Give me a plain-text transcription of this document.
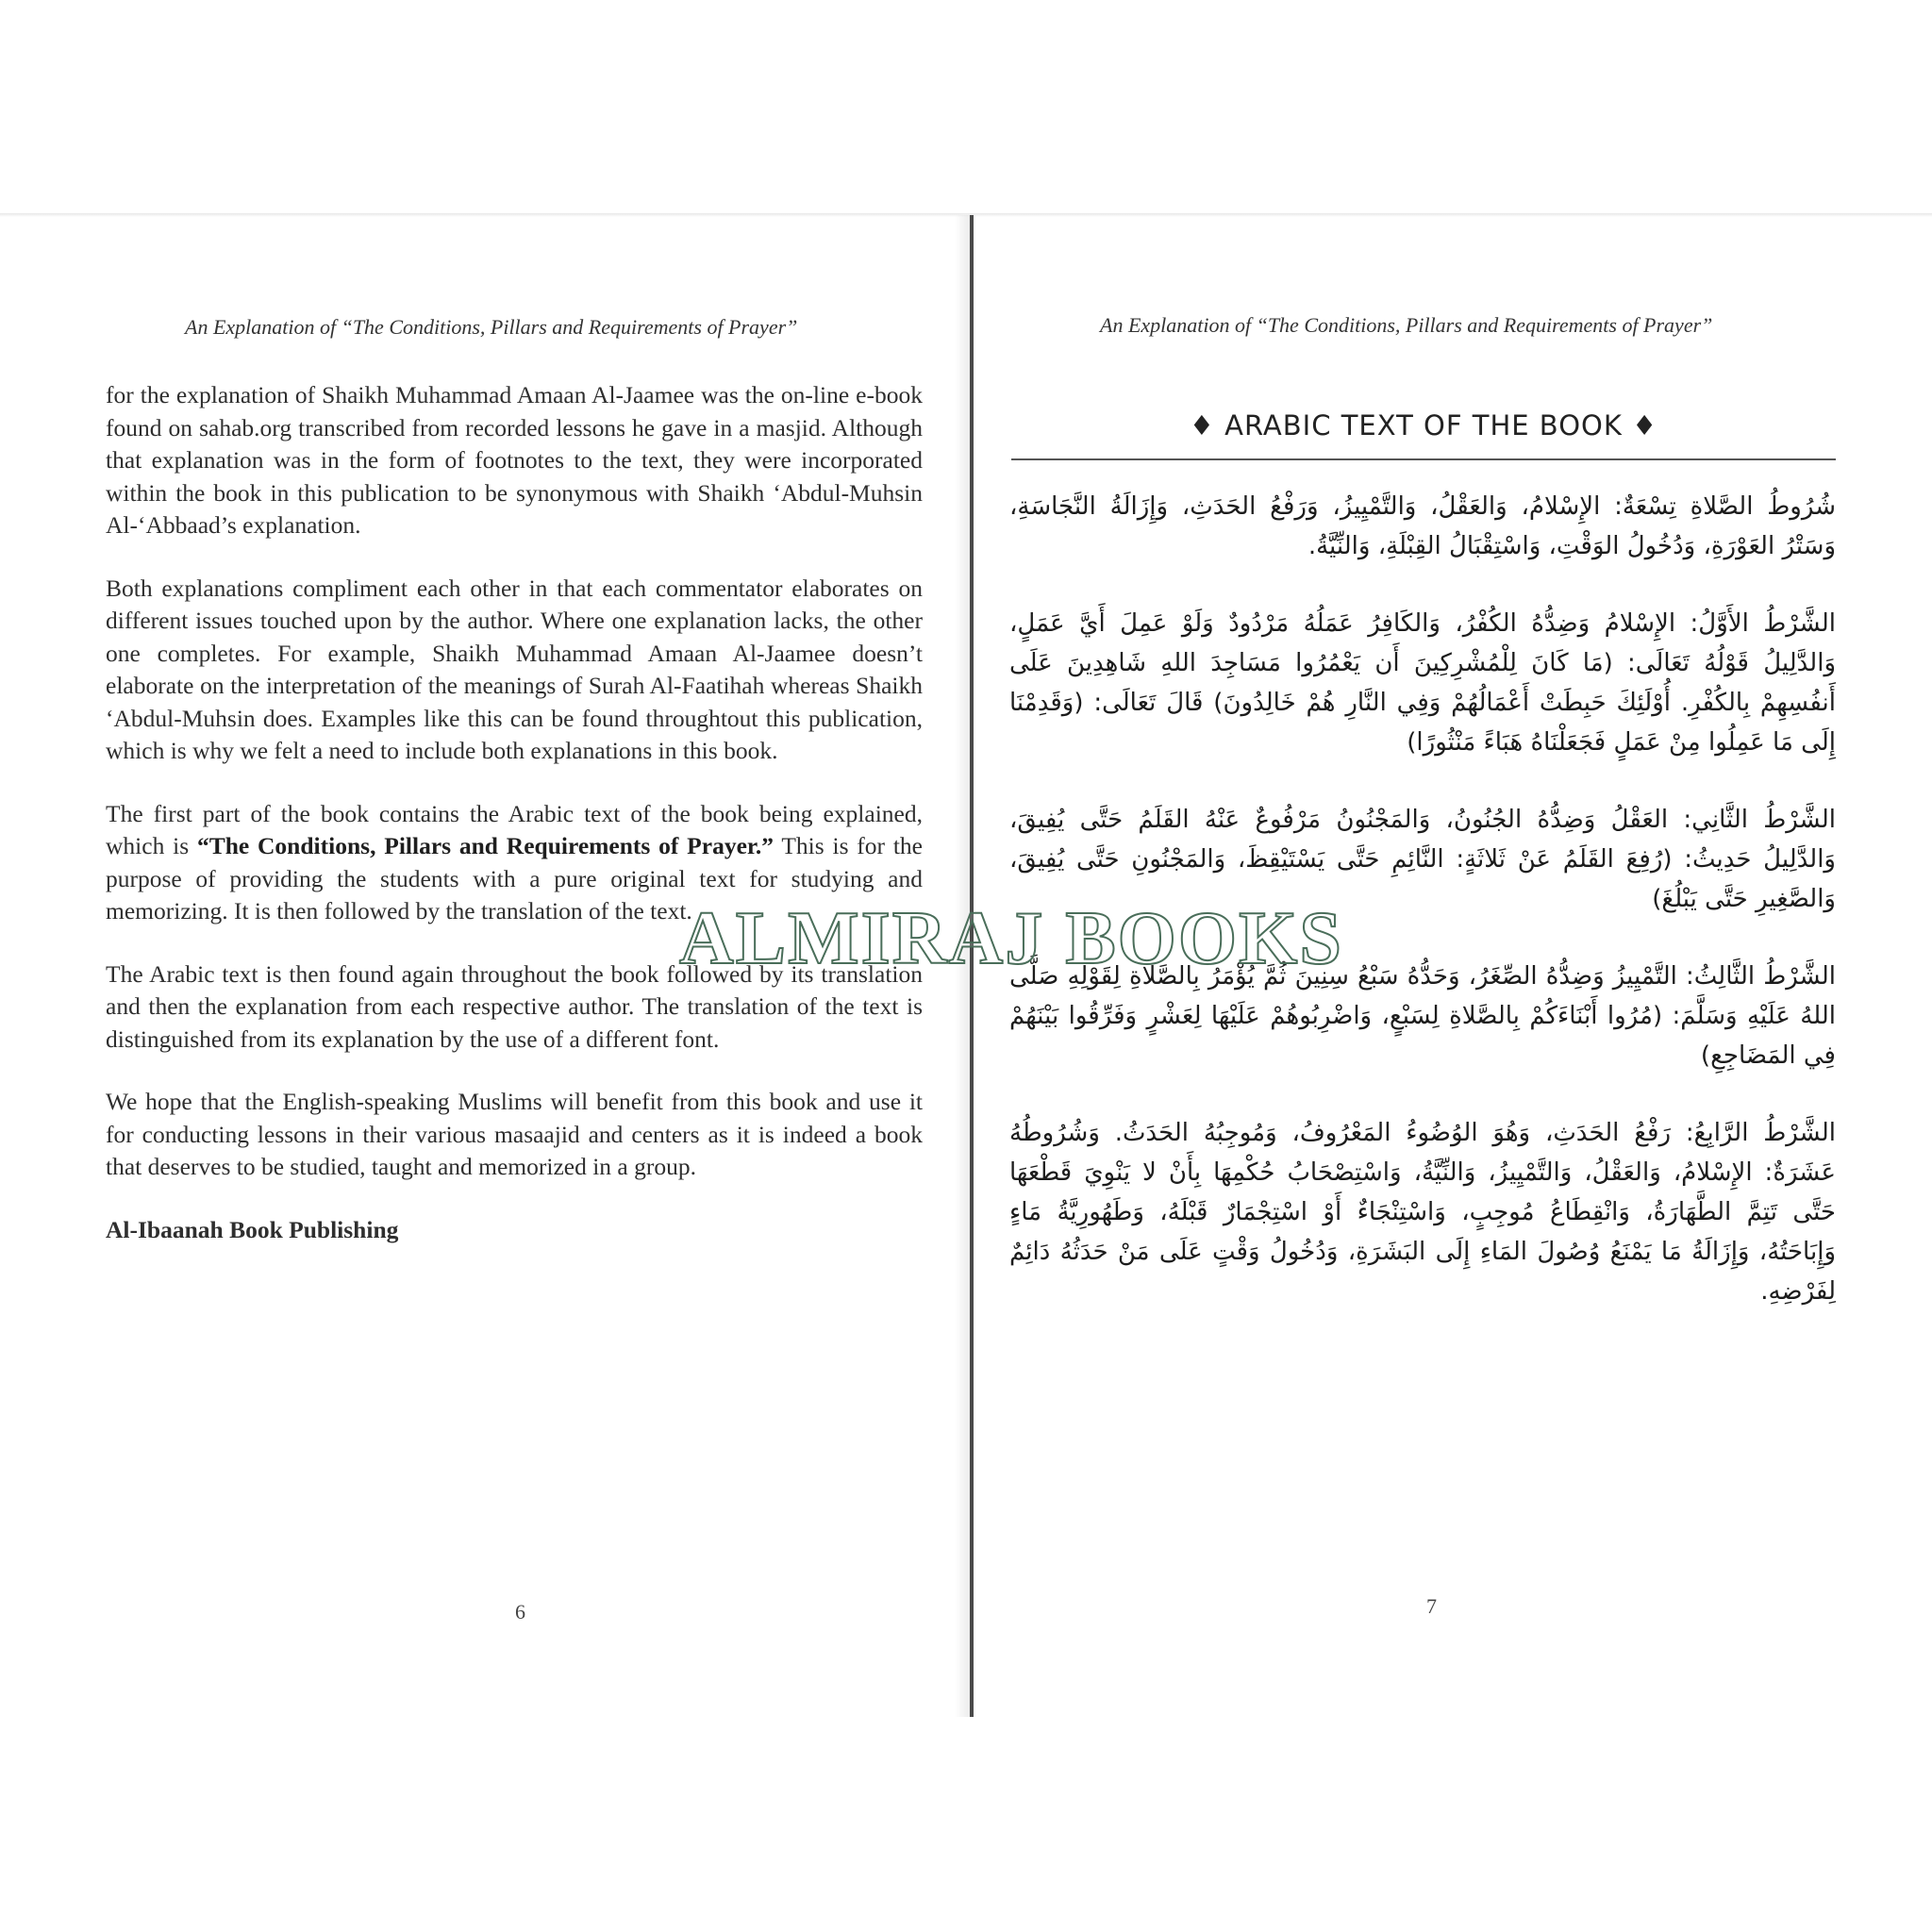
An Explanation of “The Conditions, Pillars and Requirements of Prayer”

for the explanation of Shaikh Muhammad Amaan Al-Jaamee was the on-line e-book found on sahab.org transcribed from recorded lessons he gave in a masjid. Although that explanation was in the form of footnotes to the text, they were incorporated within the book in this publication to be synonymous with Shaikh ‘Abdul-Muhsin Al-‘Abbaad’s explanation.

Both explanations compliment each other in that each commentator elaborates on different issues touched upon by the author. Where one explanation lacks, the other one completes. For example, Shaikh Muhammad Amaan Al-Jaamee doesn’t elaborate on the interpretation of the meanings of Surah Al-Faatihah whereas Shaikh ‘Abdul-Muhsin does. Examples like this can be found throughtout this publication, which is why we felt a need to include both explanations in this book.

The first part of the book contains the Arabic text of the book being explained, which is “The Conditions, Pillars and Requirements of Prayer.” This is for the purpose of providing the students with a pure original text for studying and memorizing. It is then followed by the translation of the text.

The Arabic text is then found again throughout the book followed by its translation and then the explanation from each respective author. The translation of the text is distinguished from its explanation by the use of a different font.

We hope that the English-speaking Muslims will benefit from this book and use it for conducting lessons in their various masaajid and centers as it is indeed a book that deserves to be studied, taught and memorized in a group.

Al-Ibaanah Book Publishing

6
An Explanation of “The Conditions, Pillars and Requirements of Prayer”
♦ ARABIC TEXT OF THE BOOK ♦

شُرُوطُ الصَّلاةِ تِسْعَةٌ: الإِسْلامُ، وَالعَقْلُ، وَالتَّمْيِيزُ، وَرَفْعُ الحَدَثِ، وَإِزَالَةُ النَّجَاسَةِ، وَسَتْرُ العَوْرَةِ، وَدُخُولُ الوَقْتِ، وَاسْتِقْبَالُ القِبْلَةِ، وَالنِّيَّةُ.

الشَّرْطُ الأَوَّلُ: الإِسْلامُ وَضِدُّهُ الكُفْرُ، وَالكَافِرُ عَمَلُهُ مَرْدُودٌ وَلَوْ عَمِلَ أَيَّ عَمَلٍ، وَالدَّلِيلُ قَوْلُهُ تَعَالَى: (مَا كَانَ لِلْمُشْرِكِينَ أَن يَعْمُرُوا مَسَاجِدَ اللهِ شَاهِدِينَ عَلَى أَنفُسِهِمْ بِالكُفْرِ. أُوْلَئِكَ حَبِطَتْ أَعْمَالُهُمْ وَفِي النَّارِ هُمْ خَالِدُونَ) قَالَ تَعَالَى: (وَقَدِمْنَا إِلَى مَا عَمِلُوا مِنْ عَمَلٍ فَجَعَلْنَاهُ هَبَاءً مَنْثُورًا)

الشَّرْطُ الثَّانِي: العَقْلُ وَضِدُّهُ الجُنُونُ، وَالمَجْنُونُ مَرْفُوعٌ عَنْهُ القَلَمُ حَتَّى يُفِيقَ، وَالدَّلِيلُ حَدِيثُ: (رُفِعَ القَلَمُ عَنْ ثَلاثَةٍ: النَّائِمِ حَتَّى يَسْتَيْقِظَ، وَالمَجْنُونِ حَتَّى يُفِيقَ، وَالصَّغِيرِ حَتَّى يَبْلُغَ)

الشَّرْطُ الثَّالِثُ: التَّمْيِيزُ وَضِدُّهُ الصِّغَرُ، وَحَدُّهُ سَبْعُ سِنِينَ ثُمَّ يُؤْمَرُ بِالصَّلاةِ لِقَوْلِهِ صَلَّى اللهُ عَلَيْهِ وَسَلَّمَ: (مُرُوا أَبْنَاءَكُمْ بِالصَّلاةِ لِسَبْعٍ، وَاضْرِبُوهُمْ عَلَيْهَا لِعَشْرٍ وَفَرِّقُوا بَيْنَهُمْ فِي المَضَاجِعِ)

الشَّرْطُ الرَّابِعُ: رَفْعُ الحَدَثِ، وَهُوَ الوُضُوءُ المَعْرُوفُ، وَمُوجِبُهُ الحَدَثُ. وَشُرُوطُهُ عَشَرَةٌ: الإِسْلامُ، وَالعَقْلُ، وَالتَّمْيِيزُ، وَالنِّيَّةُ، وَاسْتِصْحَابُ حُكْمِهَا بِأَنْ لا يَنْوِيَ قَطْعَهَا حَتَّى تَتِمَّ الطَّهَارَةُ، وَانْقِطَاعُ مُوجِبٍ، وَاسْتِنْجَاءٌ أَوْ اسْتِجْمَارٌ قَبْلَهُ، وَطَهُورِيَّةُ مَاءٍ وَإِبَاحَتُهُ، وَإِزَالَةُ مَا يَمْنَعُ وُصُولَ المَاءِ إِلَى البَشَرَةِ، وَدُخُولُ وَقْتٍ عَلَى مَنْ حَدَثُهُ دَائِمٌ لِفَرْضِهِ.

7
ALMIRAJ BOOKS
